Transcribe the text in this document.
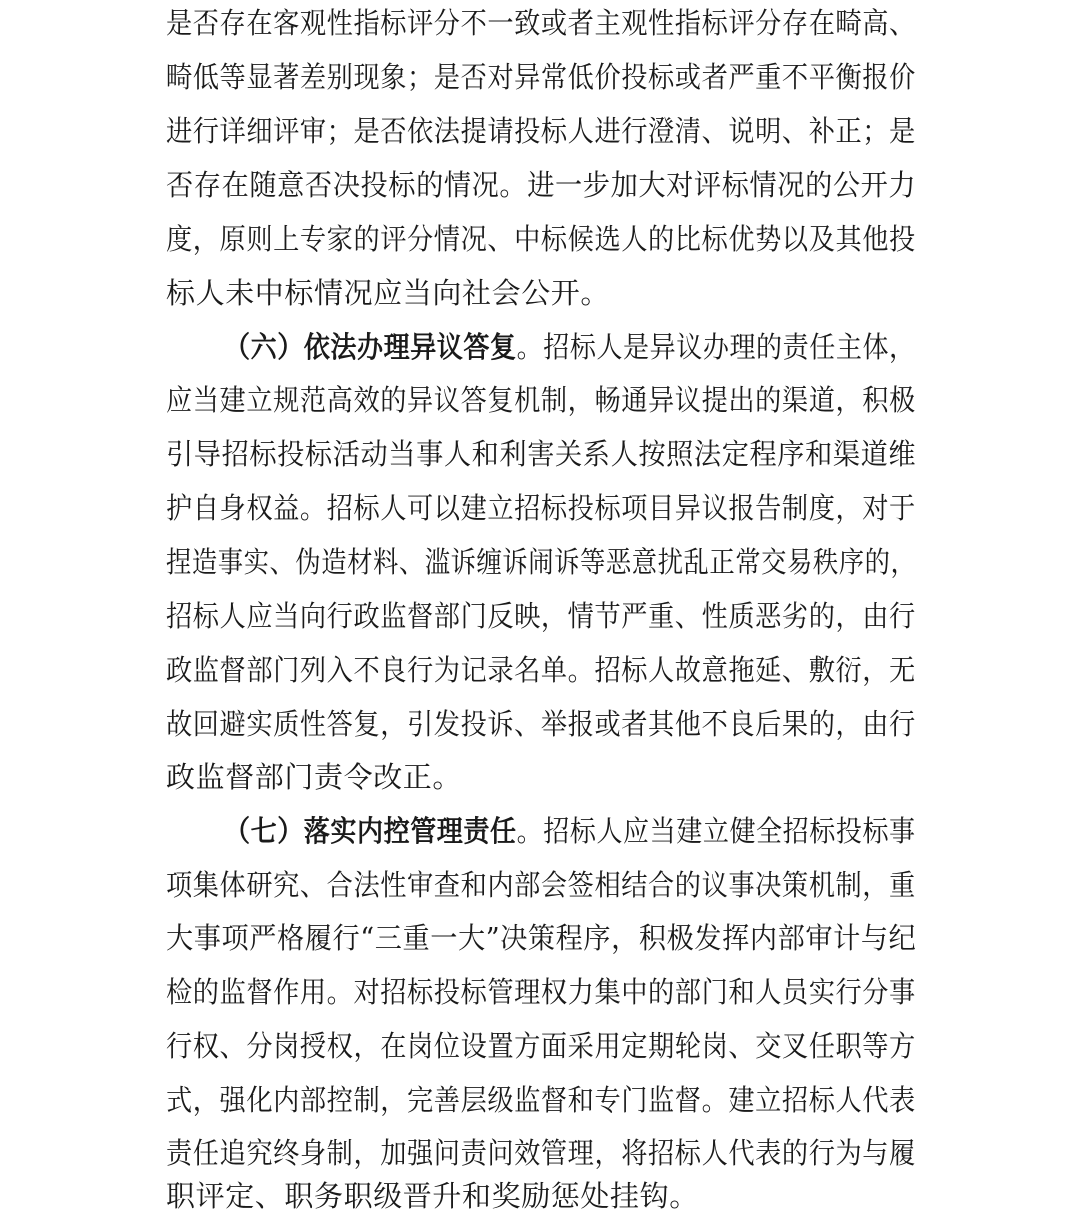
是否存在客观性指标评分不一致或者主观性指标评分存在畸高、
畸低等显著差别现象；是否对异常低价投标或者严重不平衡报价
进行详细评审；是否依法提请投标人进行澄清、说明、补正；是
否存在随意否决投标的情况。进一步加大对评标情况的公开力
度，原则上专家的评分情况、中标候选人的比标优势以及其他投
标人未中标情况应当向社会公开。
（六）依法办理异议答复。招标人是异议办理的责任主体，
应当建立规范高效的异议答复机制，畅通异议提出的渠道，积极
引导招标投标活动当事人和利害关系人按照法定程序和渠道维
护自身权益。招标人可以建立招标投标项目异议报告制度，对于
捏造事实、伪造材料、滥诉缠诉闹诉等恶意扰乱正常交易秩序的，
招标人应当向行政监督部门反映，情节严重、性质恶劣的，由行
政监督部门列入不良行为记录名单。招标人故意拖延、敷衍，无
故回避实质性答复，引发投诉、举报或者其他不良后果的，由行
政监督部门责令改正。
（七）落实内控管理责任。招标人应当建立健全招标投标事
项集体研究、合法性审查和内部会签相结合的议事决策机制，重
大事项严格履行“三重一大”决策程序，积极发挥内部审计与纪
检的监督作用。对招标投标管理权力集中的部门和人员实行分事
行权、分岗授权，在岗位设置方面采用定期轮岗、交叉任职等方
式，强化内部控制，完善层级监督和专门监督。建立招标人代表
责任追究终身制，加强问责问效管理，将招标人代表的行为与履
职评定、职务职级晋升和奖励惩处挂钩。
